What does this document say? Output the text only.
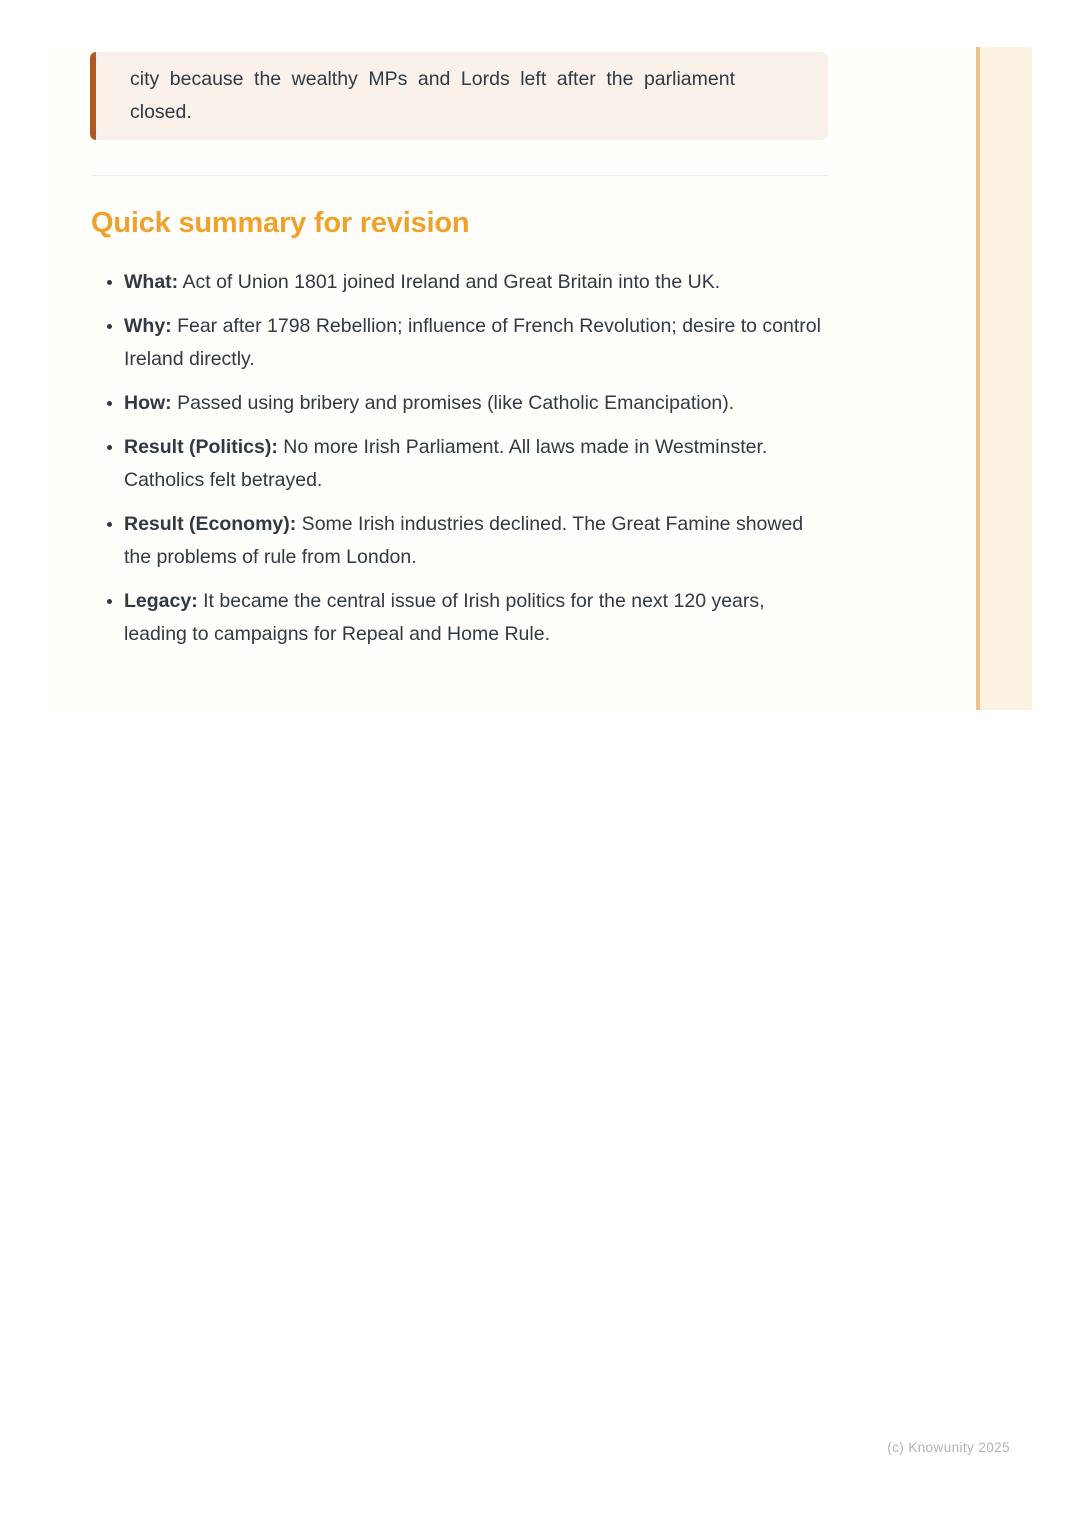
city because the wealthy MPs and Lords left after the parliament closed.
Quick summary for revision
• What: Act of Union 1801 joined Ireland and Great Britain into the UK.
• Why: Fear after 1798 Rebellion; influence of French Revolution; desire to control Ireland directly.
• How: Passed using bribery and promises (like Catholic Emancipation).
• Result (Politics): No more Irish Parliament. All laws made in Westminster. Catholics felt betrayed.
• Result (Economy): Some Irish industries declined. The Great Famine showed the problems of rule from London.
• Legacy: It became the central issue of Irish politics for the next 120 years, leading to campaigns for Repeal and Home Rule.
(c) Knowunity 2025
